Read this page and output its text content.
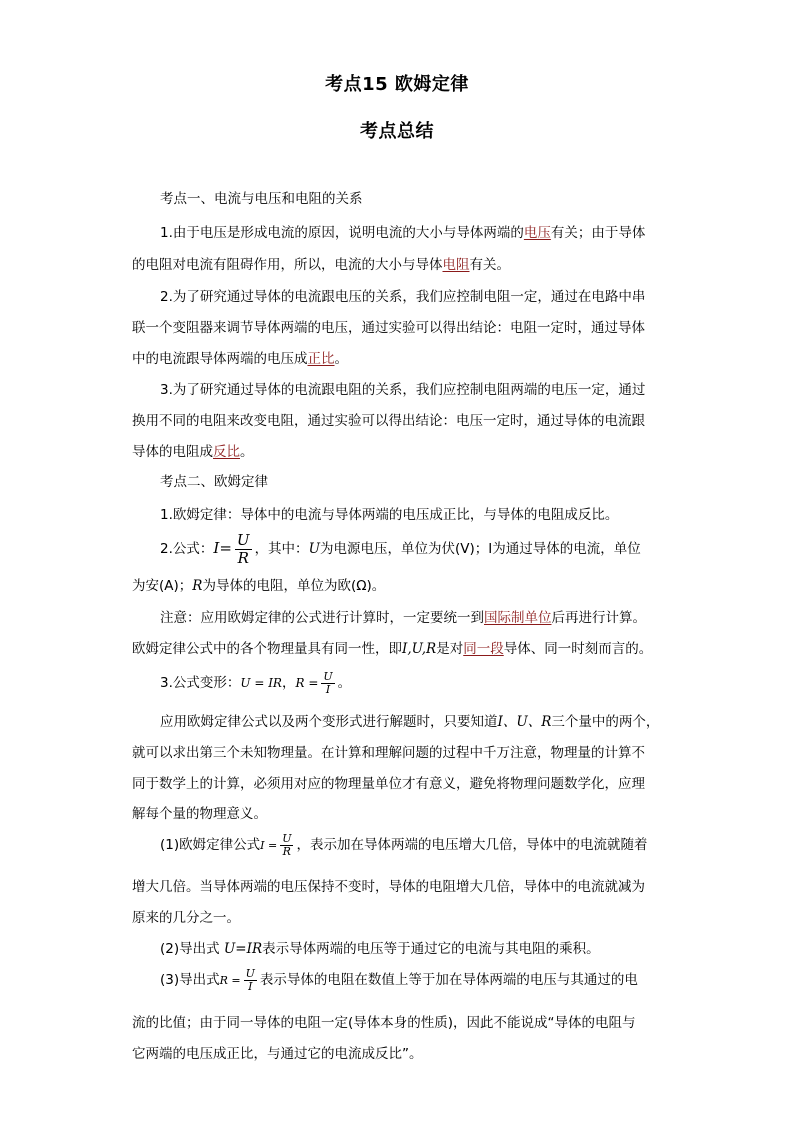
考点15 欧姆定律
考点总结
考点一、电流与电压和电阻的关系
1.由于电压是形成电流的原因，说明电流的大小与导体两端的电压有关；由于导体
的电阻对电流有阻碍作用，所以，电流的大小与导体电阻有关。
2.为了研究通过导体的电流跟电压的关系，我们应控制电阻一定，通过在电路中串
联一个变阻器来调节导体两端的电压，通过实验可以得出结论：电阻一定时，通过导体
中的电流跟导体两端的电压成正比。
3.为了研究通过导体的电流跟电阻的关系，我们应控制电阻两端的电压一定，通过
换用不同的电阻来改变电阻，通过实验可以得出结论：电压一定时，通过导体的电流跟
导体的电阻成反比。
考点二、欧姆定律
1.欧姆定律：导体中的电流与导体两端的电压成正比，与导体的电阻成反比。
2.公式：$I= \frac{U}{R}$ ，其中：U为电源电压，单位为伏(V)；I为通过导体的电流，单位
为安(A)；R为导体的电阻，单位为欧(Ω)。
注意：应用欧姆定律的公式进行计算时，一定要统一到国际制单位后再进行计算。
欧姆定律公式中的各个物理量具有同一性，即I,U,R是对同一段导体、同一时刻而言的。
3.公式变形：U = IR，$R = \frac{U}{I}$ 。
应用欧姆定律公式以及两个变形式进行解题时，只要知道I、U、R三个量中的两个，
就可以求出第三个未知物理量。在计算和理解问题的过程中千万注意，物理量的计算不
同于数学上的计算，必须用对应的物理量单位才有意义，避免将物理问题数学化，应理
解每个量的物理意义。
(1)欧姆定律公式$I = \frac{U}{R}$ ，表示加在导体两端的电压增大几倍，导体中的电流就随着
增大几倍。当导体两端的电压保持不变时，导体的电阻增大几倍，导体中的电流就减为
原来的几分之一。
(2)导出式 U=IR表示导体两端的电压等于通过它的电流与其电阻的乘积。
(3)导出式$R = \frac{U}{I}$ 表示导体的电阻在数值上等于加在导体两端的电压与其通过的电
流的比值；由于同一导体的电阻一定(导体本身的性质)，因此不能说成“导体的电阻与
它两端的电压成正比，与通过它的电流成反比”。
